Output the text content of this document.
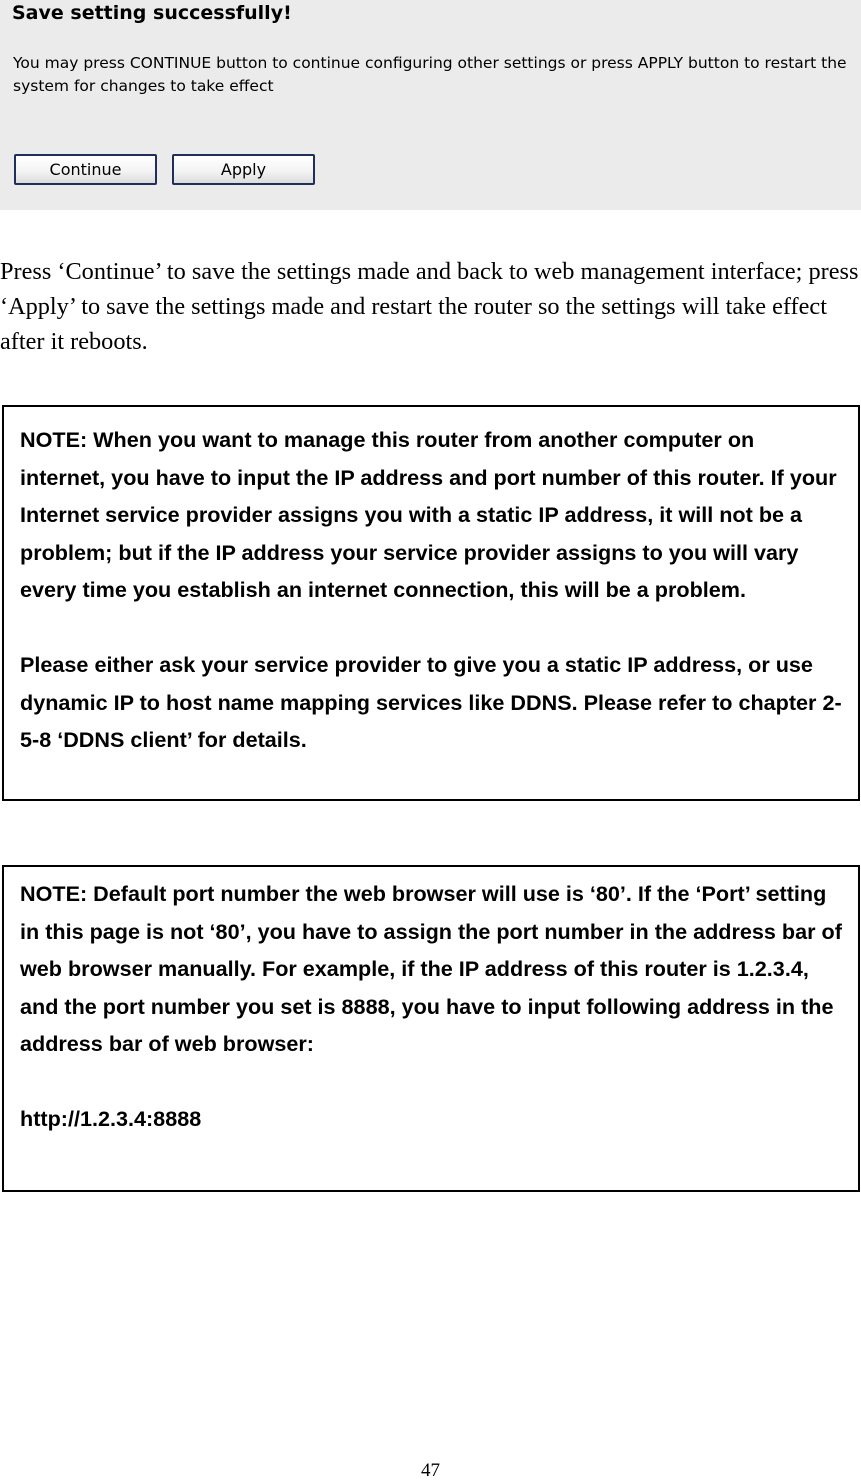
Save setting successfully!
You may press CONTINUE button to continue configuring other settings or press APPLY button to restart the system for changes to take effect
Continue	Apply

Press ‘Continue’ to save the settings made and back to web management interface; press ‘Apply’ to save the settings made and restart the router so the settings will take effect after it reboots.

NOTE: When you want to manage this router from another computer on internet, you have to input the IP address and port number of this router. If your Internet service provider assigns you with a static IP address, it will not be a problem; but if the IP address your service provider assigns to you will vary every time you establish an internet connection, this will be a problem.

Please either ask your service provider to give you a static IP address, or use dynamic IP to host name mapping services like DDNS. Please refer to chapter 2-5-8 ‘DDNS client’ for details.

NOTE: Default port number the web browser will use is ‘80’. If the ‘Port’ setting in this page is not ‘80’, you have to assign the port number in the address bar of web browser manually. For example, if the IP address of this router is 1.2.3.4, and the port number you set is 8888, you have to input following address in the address bar of web browser:

http://1.2.3.4:8888

47
